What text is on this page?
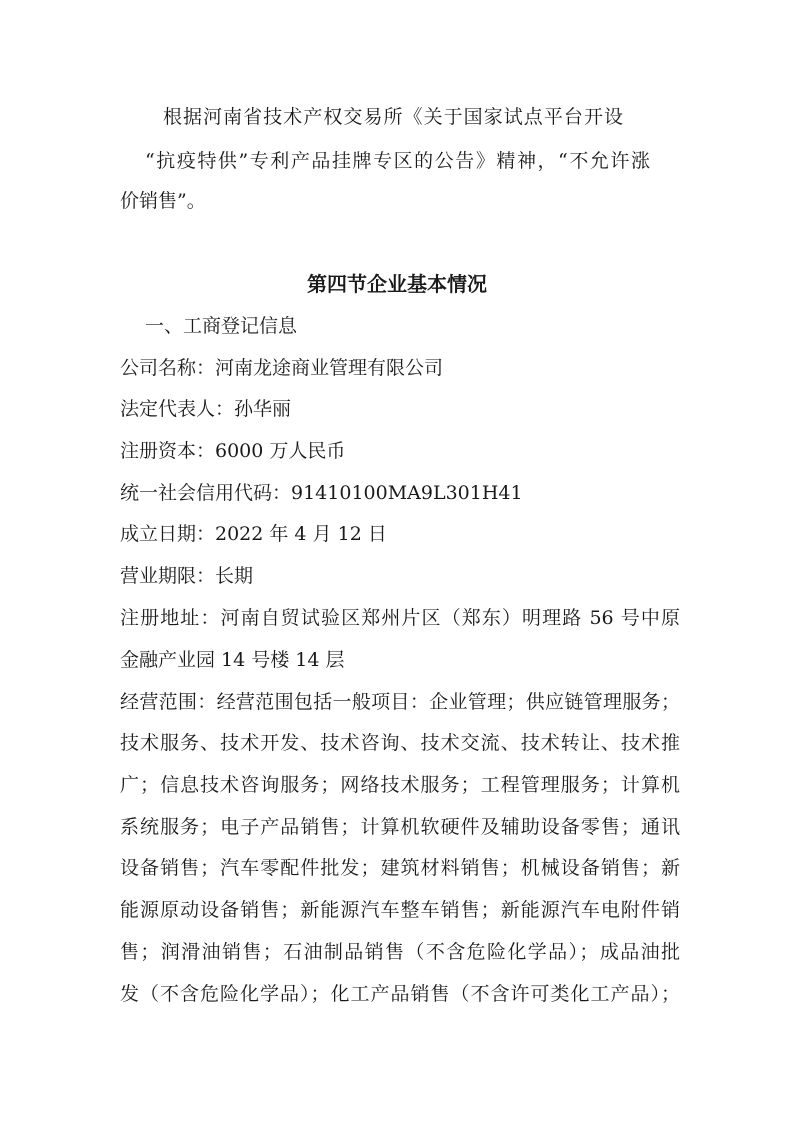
根据河南省技术产权交易所《关于国家试点平台开设
“抗疫特供”专利产品挂牌专区的公告》精神，“不允许涨
价销售”。
第四节企业基本情况
一、工商登记信息
公司名称：河南龙途商业管理有限公司
法定代表人：孙华丽
注册资本：6000 万人民币
统一社会信用代码：91410100MA9L301H41
成立日期：2022 年 4 月 12 日
营业期限：长期
注册地址：河南自贸试验区郑州片区（郑东）明理路 56 号中原
金融产业园 14 号楼 14 层
经营范围：经营范围包括一般项目：企业管理；供应链管理服务；
技术服务、技术开发、技术咨询、技术交流、技术转让、技术推
广；信息技术咨询服务；网络技术服务；工程管理服务；计算机
系统服务；电子产品销售；计算机软硬件及辅助设备零售；通讯
设备销售；汽车零配件批发；建筑材料销售；机械设备销售；新
能源原动设备销售；新能源汽车整车销售；新能源汽车电附件销
售；润滑油销售；石油制品销售（不含危险化学品）；成品油批
发（不含危险化学品）；化工产品销售（不含许可类化工产品）；
